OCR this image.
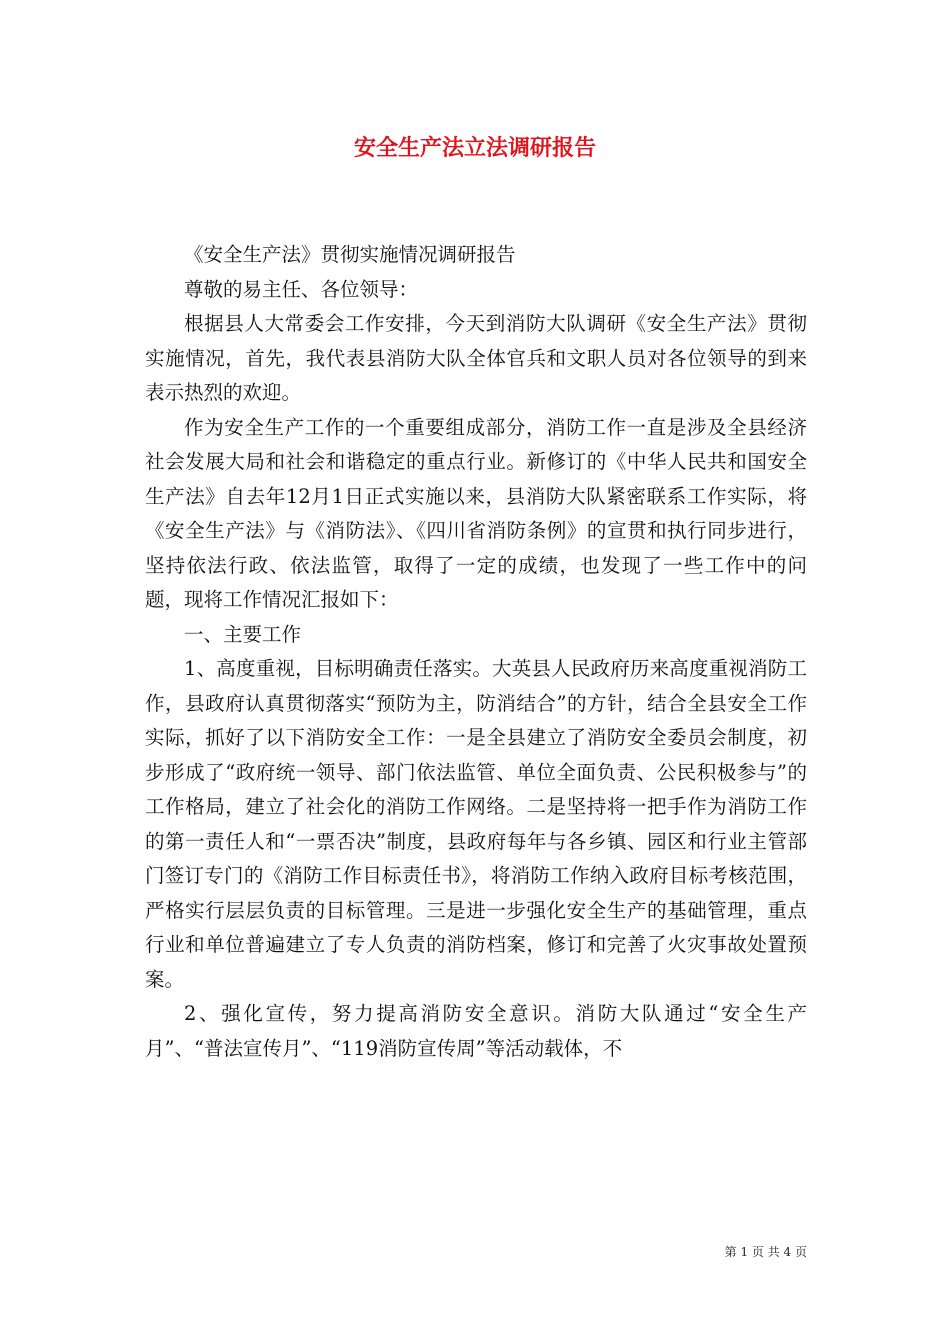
安全生产法立法调研报告

《安全生产法》贯彻实施情况调研报告

尊敬的易主任、各位领导：

根据县人大常委会工作安排，今天到消防大队调研《安全生产法》贯彻实施情况，首先，我代表县消防大队全体官兵和文职人员对各位领导的到来表示热烈的欢迎。

作为安全生产工作的一个重要组成部分，消防工作一直是涉及全县经济社会发展大局和社会和谐稳定的重点行业。新修订的《中华人民共和国安全生产法》自去年12月1日正式实施以来，县消防大队紧密联系工作实际，将《安全生产法》与《消防法》、《四川省消防条例》的宣贯和执行同步进行，坚持依法行政、依法监管，取得了一定的成绩，也发现了一些工作中的问题，现将工作情况汇报如下：

一、主要工作

1、高度重视，目标明确责任落实。大英县人民政府历来高度重视消防工作，县政府认真贯彻落实“预防为主，防消结合”的方针，结合全县安全工作实际，抓好了以下消防安全工作：一是全县建立了消防安全委员会制度，初步形成了“政府统一领导、部门依法监管、单位全面负责、公民积极参与”的工作格局，建立了社会化的消防工作网络。二是坚持将一把手作为消防工作的第一责任人和“一票否决”制度，县政府每年与各乡镇、园区和行业主管部门签订专门的《消防工作目标责任书》，将消防工作纳入政府目标考核范围，严格实行层层负责的目标管理。三是进一步强化安全生产的基础管理，重点行业和单位普遍建立了专人负责的消防档案，修订和完善了火灾事故处置预案。

2、强化宣传，努力提高消防安全意识。消防大队通过“安全生产月”、“普法宣传月”、“119消防宣传周”等活动载体，不

第 1 页 共 4 页
